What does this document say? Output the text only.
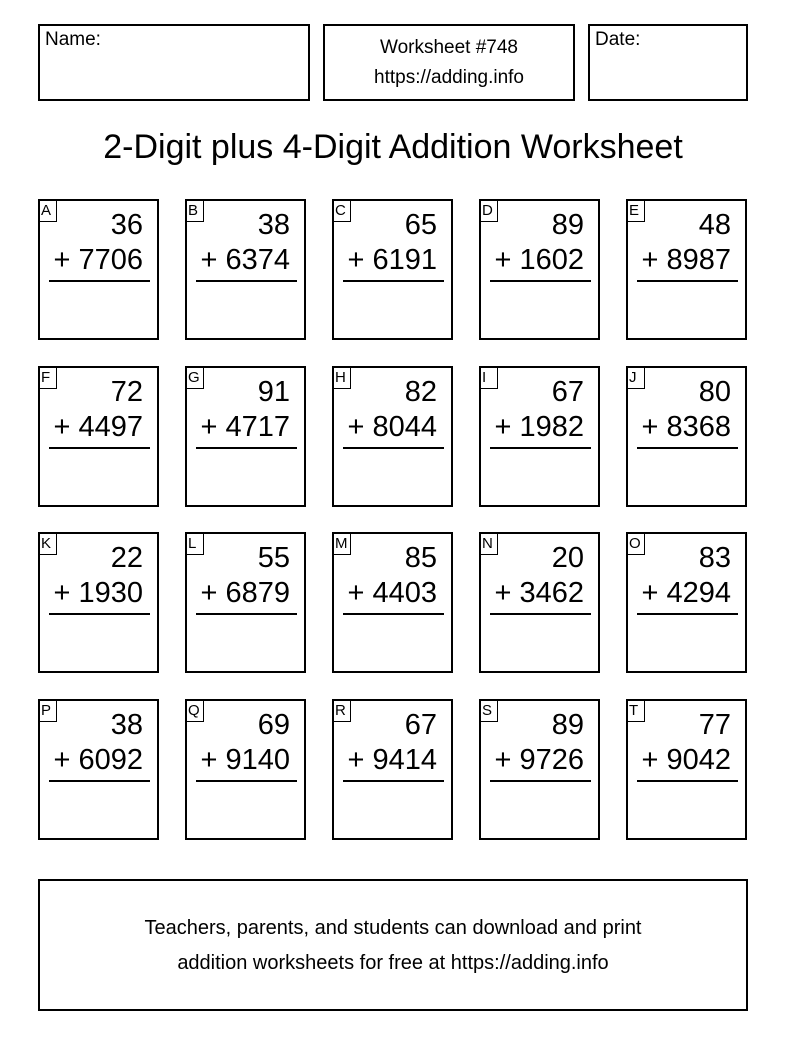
Name:	Worksheet #748
https://adding.info
Date:
2-Digit plus 4-Digit Addition Worksheet
A 36
+ 7706
B 38
+ 6374
C 65
+ 6191
D 89
+ 1602
E 48
+ 8987
F 72
+ 4497
G 91
+ 4717
H 82
+ 8044
I	67
+ 1982
J 80
+ 8368
K 22
+ 1930
L 55
+ 6879
M 85
+ 4403
N 20
+ 3462
O 83
+ 4294
P 38
+ 6092
Q 69
+ 9140
R 67
+ 9414
S 89
+ 9726
T 77
+ 9042
Teachers, parents, and students can download and print
addition worksheets for free at https://adding.info
